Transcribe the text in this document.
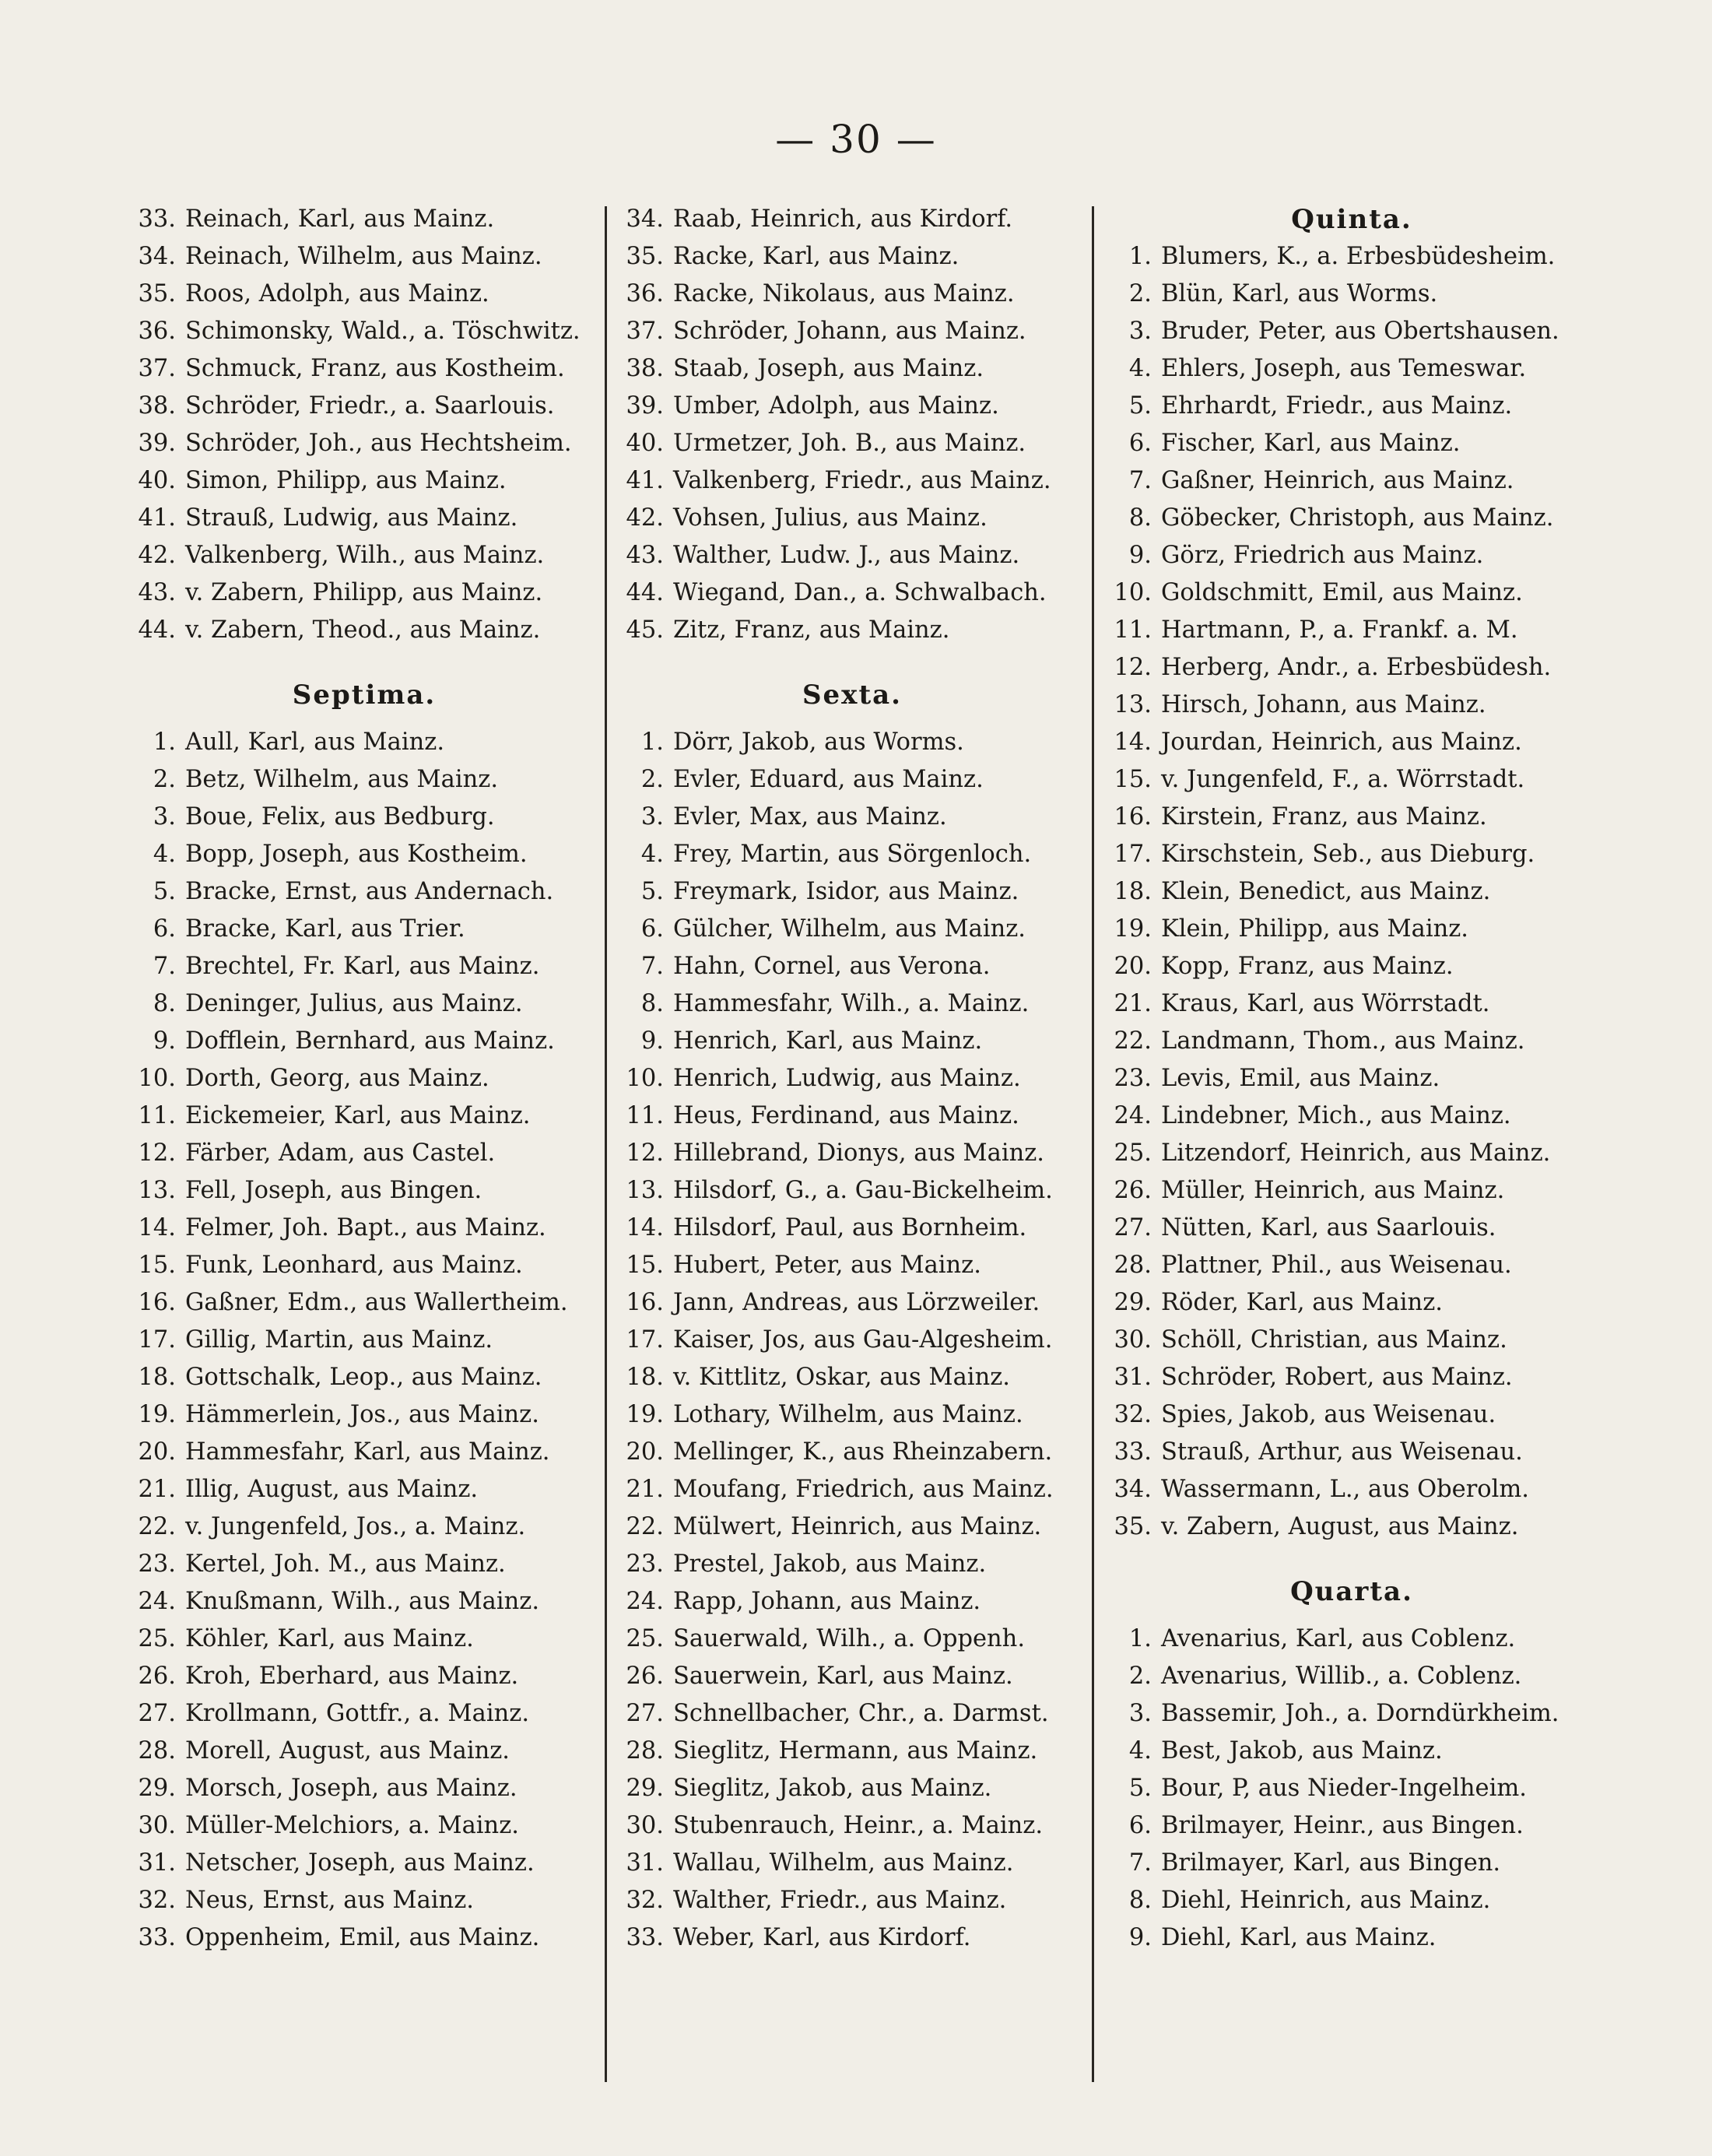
— 30 —
33. Reinach, Karl, aus Mainz.
34. Reinach, Wilhelm, aus Mainz.
35. Roos, Adolph, aus Mainz.
36. Schimonsky, Wald., a. Töschwitz.
37. Schmuck, Franz, aus Kostheim.
38. Schröder, Friedr., a. Saarlouis.
39. Schröder, Joh., aus Hechtsheim.
40. Simon, Philipp, aus Mainz.
41. Strauß, Ludwig, aus Mainz.
42. Valkenberg, Wilh., aus Mainz.
43. v. Zabern, Philipp, aus Mainz.
44. v. Zabern, Theod., aus Mainz.
Septima.
1. Aull, Karl, aus Mainz.
2. Betz, Wilhelm, aus Mainz.
3. Boue, Felix, aus Bedburg.
4. Bopp, Joseph, aus Kostheim.
5. Bracke, Ernst, aus Andernach.
6. Bracke, Karl, aus Trier.
7. Brechtel, Fr. Karl, aus Mainz.
8. Deninger, Julius, aus Mainz.
9. Dofflein, Bernhard, aus Mainz.
10. Dorth, Georg, aus Mainz.
11. Eickemeier, Karl, aus Mainz.
12. Färber, Adam, aus Castel.
13. Fell, Joseph, aus Bingen.
14. Felmer, Joh. Bapt., aus Mainz.
15. Funk, Leonhard, aus Mainz.
16. Gaßner, Edm., aus Wallertheim.
17. Gillig, Martin, aus Mainz.
18. Gottschalk, Leop., aus Mainz.
19. Hämmerlein, Jos., aus Mainz.
20. Hammesfahr, Karl, aus Mainz.
21. Illig, August, aus Mainz.
22. v. Jungenfeld, Jos., a. Mainz.
23. Kertel, Joh. M., aus Mainz.
24. Knußmann, Wilh., aus Mainz.
25. Köhler, Karl, aus Mainz.
26. Kroh, Eberhard, aus Mainz.
27. Krollmann, Gottfr., a. Mainz.
28. Morell, August, aus Mainz.
29. Morsch, Joseph, aus Mainz.
30. Müller-Melchiors, a. Mainz.
31. Netscher, Joseph, aus Mainz.
32. Neus, Ernst, aus Mainz.
33. Oppenheim, Emil, aus Mainz.
34. Raab, Heinrich, aus Kirdorf.
35. Racke, Karl, aus Mainz.
36. Racke, Nikolaus, aus Mainz.
37. Schröder, Johann, aus Mainz.
38. Staab, Joseph, aus Mainz.
39. Umber, Adolph, aus Mainz.
40. Urmetzer, Joh. B., aus Mainz.
41. Valkenberg, Friedr., aus Mainz.
42. Vohsen, Julius, aus Mainz.
43. Walther, Ludw. J., aus Mainz.
44. Wiegand, Dan., a. Schwalbach.
45. Zitz, Franz, aus Mainz.
Sexta.
1. Dörr, Jakob, aus Worms.
2. Evler, Eduard, aus Mainz.
3. Evler, Max, aus Mainz.
4. Frey, Martin, aus Sörgenloch.
5. Freymark, Isidor, aus Mainz.
6. Gülcher, Wilhelm, aus Mainz.
7. Hahn, Cornel, aus Verona.
8. Hammesfahr, Wilh., a. Mainz.
9. Henrich, Karl, aus Mainz.
10. Henrich, Ludwig, aus Mainz.
11. Heus, Ferdinand, aus Mainz.
12. Hillebrand, Dionys, aus Mainz.
13. Hilsdorf, G., a. Gau-Bickelheim.
14. Hilsdorf, Paul, aus Bornheim.
15. Hubert, Peter, aus Mainz.
16. Jann, Andreas, aus Lörzweiler.
17. Kaiser, Jos, aus Gau-Algesheim.
18. v. Kittlitz, Oskar, aus Mainz.
19. Lothary, Wilhelm, aus Mainz.
20. Mellinger, K., aus Rheinzabern.
21. Moufang, Friedrich, aus Mainz.
22. Mülwert, Heinrich, aus Mainz.
23. Prestel, Jakob, aus Mainz.
24. Rapp, Johann, aus Mainz.
25. Sauerwald, Wilh., a. Oppenh.
26. Sauerwein, Karl, aus Mainz.
27. Schnellbacher, Chr., a. Darmst.
28. Sieglitz, Hermann, aus Mainz.
29. Sieglitz, Jakob, aus Mainz.
30. Stubenrauch, Heinr., a. Mainz.
31. Wallau, Wilhelm, aus Mainz.
32. Walther, Friedr., aus Mainz.
33. Weber, Karl, aus Kirdorf.
Quinta.
1. Blumers, K., a. Erbesbüdesheim.
2. Blün, Karl, aus Worms.
3. Bruder, Peter, aus Obertshausen.
4. Ehlers, Joseph, aus Temeswar.
5. Ehrhardt, Friedr., aus Mainz.
6. Fischer, Karl, aus Mainz.
7. Gaßner, Heinrich, aus Mainz.
8. Göbecker, Christoph, aus Mainz.
9. Görz, Friedrich aus Mainz.
10. Goldschmitt, Emil, aus Mainz.
11. Hartmann, P., a. Frankf. a. M.
12. Herberg, Andr., a. Erbesbüdesh.
13. Hirsch, Johann, aus Mainz.
14. Jourdan, Heinrich, aus Mainz.
15. v. Jungenfeld, F., a. Wörrstadt.
16. Kirstein, Franz, aus Mainz.
17. Kirschstein, Seb., aus Dieburg.
18. Klein, Benedict, aus Mainz.
19. Klein, Philipp, aus Mainz.
20. Kopp, Franz, aus Mainz.
21. Kraus, Karl, aus Wörrstadt.
22. Landmann, Thom., aus Mainz.
23. Levis, Emil, aus Mainz.
24. Lindebner, Mich., aus Mainz.
25. Litzendorf, Heinrich, aus Mainz.
26. Müller, Heinrich, aus Mainz.
27. Nütten, Karl, aus Saarlouis.
28. Plattner, Phil., aus Weisenau.
29. Röder, Karl, aus Mainz.
30. Schöll, Christian, aus Mainz.
31. Schröder, Robert, aus Mainz.
32. Spies, Jakob, aus Weisenau.
33. Strauß, Arthur, aus Weisenau.
34. Wassermann, L., aus Oberolm.
35. v. Zabern, August, aus Mainz.
Quarta.
1. Avenarius, Karl, aus Coblenz.
2. Avenarius, Willib., a. Coblenz.
3. Bassemir, Joh., a. Dorndürkheim.
4. Best, Jakob, aus Mainz.
5. Bour, P, aus Nieder-Ingelheim.
6. Brilmayer, Heinr., aus Bingen.
7. Brilmayer, Karl, aus Bingen.
8. Diehl, Heinrich, aus Mainz.
9. Diehl, Karl, aus Mainz.
